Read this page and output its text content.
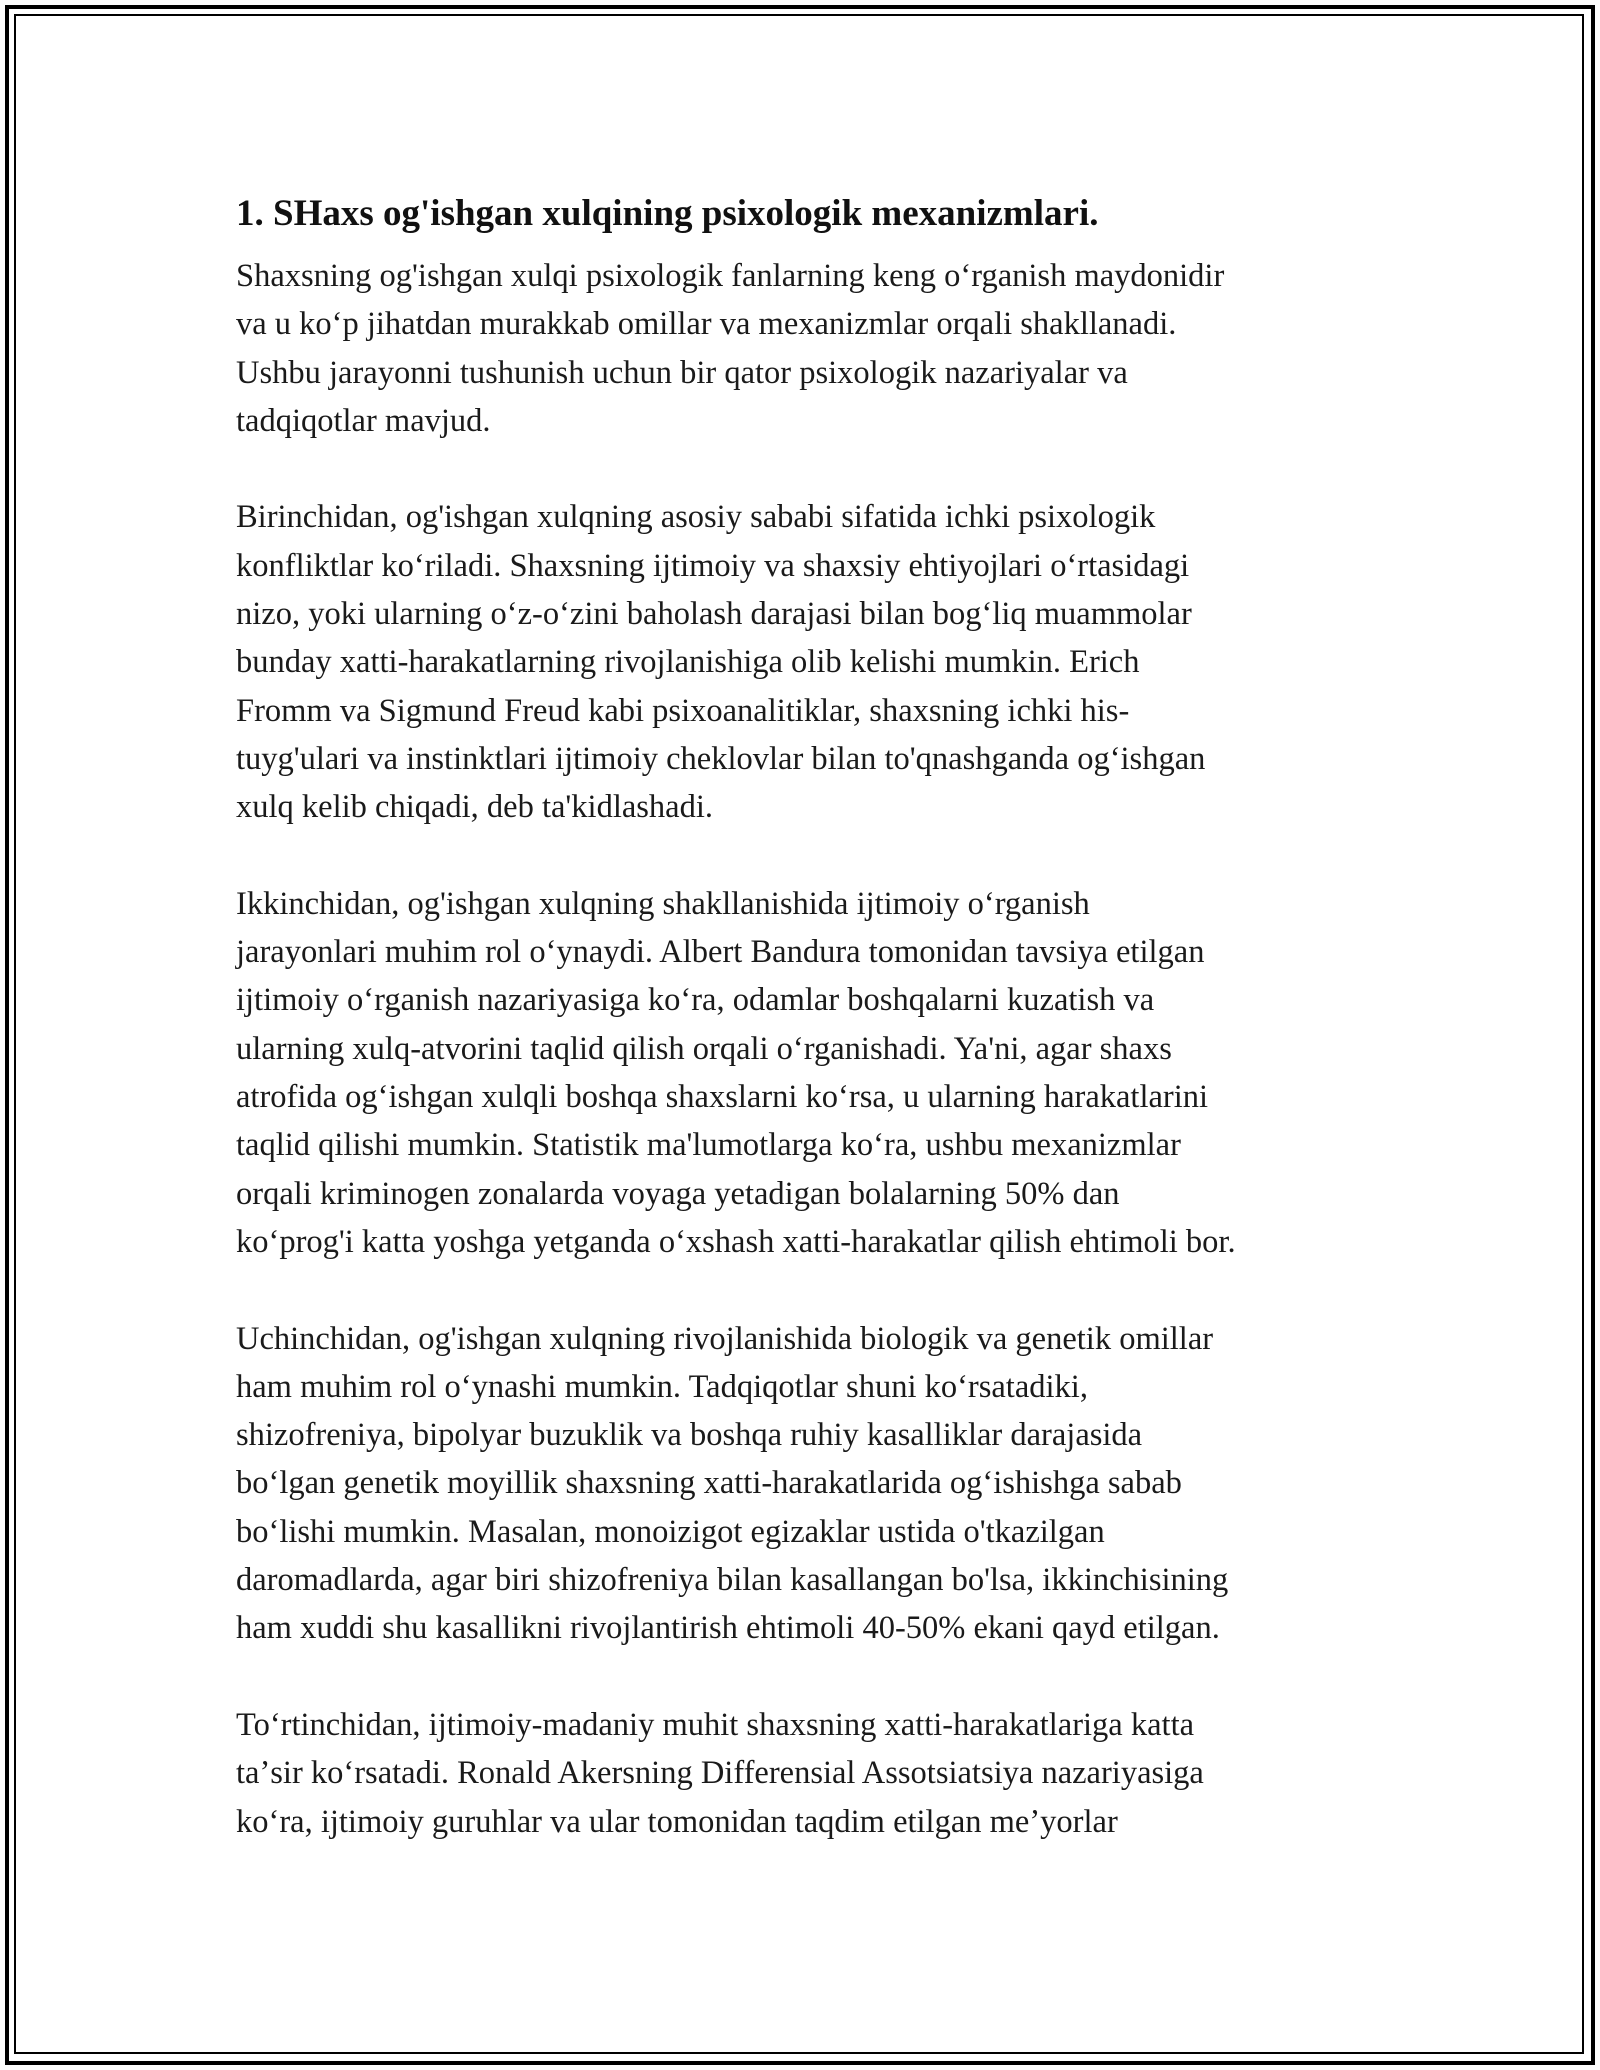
1. SHaxs og'ishgan xulqining psixologik mexanizmlari.

Shaxsning og'ishgan xulqi psixologik fanlarning keng oʻrganish maydonidir
va u koʻp jihatdan murakkab omillar va mexanizmlar orqali shakllanadi.
Ushbu jarayonni tushunish uchun bir qator psixologik nazariyalar va
tadqiqotlar mavjud.

Birinchidan, og'ishgan xulqning asosiy sababi sifatida ichki psixologik
konfliktlar koʻriladi. Shaxsning ijtimoiy va shaxsiy ehtiyojlari oʻrtasidagi
nizo, yoki ularning oʻz-oʻzini baholash darajasi bilan bogʻliq muammolar
bunday xatti-harakatlarning rivojlanishiga olib kelishi mumkin. Erich
Fromm va Sigmund Freud kabi psixoanalitiklar, shaxsning ichki his-
tuyg'ulari va instinktlari ijtimoiy cheklovlar bilan to'qnashganda ogʻishgan
xulq kelib chiqadi, deb ta'kidlashadi.

Ikkinchidan, og'ishgan xulqning shakllanishida ijtimoiy oʻrganish
jarayonlari muhim rol oʻynaydi. Albert Bandura tomonidan tavsiya etilgan
ijtimoiy oʻrganish nazariyasiga koʻra, odamlar boshqalarni kuzatish va
ularning xulq-atvorini taqlid qilish orqali oʻrganishadi. Ya'ni, agar shaxs
atrofida ogʻishgan xulqli boshqa shaxslarni koʻrsa, u ularning harakatlarini
taqlid qilishi mumkin. Statistik ma'lumotlarga koʻra, ushbu mexanizmlar
orqali kriminogen zonalarda voyaga yetadigan bolalarning 50% dan
koʻprog'i katta yoshga yetganda oʻxshash xatti-harakatlar qilish ehtimoli bor.

Uchinchidan, og'ishgan xulqning rivojlanishida biologik va genetik omillar
ham muhim rol oʻynashi mumkin. Tadqiqotlar shuni koʻrsatadiki,
shizofreniya, bipolyar buzuklik va boshqa ruhiy kasalliklar darajasida
boʻlgan genetik moyillik shaxsning xatti-harakatlarida ogʻishishga sabab
boʻlishi mumkin. Masalan, monoizigot egizaklar ustida o'tkazilgan
daromadlarda, agar biri shizofreniya bilan kasallangan bo'lsa, ikkinchisining
ham xuddi shu kasallikni rivojlantirish ehtimoli 40-50% ekani qayd etilgan.

Toʻrtinchidan, ijtimoiy-madaniy muhit shaxsning xatti-harakatlariga katta
taʼsir koʻrsatadi. Ronald Akersning Differensial Assotsiatsiya nazariyasiga
koʻra, ijtimoiy guruhlar va ular tomonidan taqdim etilgan meʼyorlar
